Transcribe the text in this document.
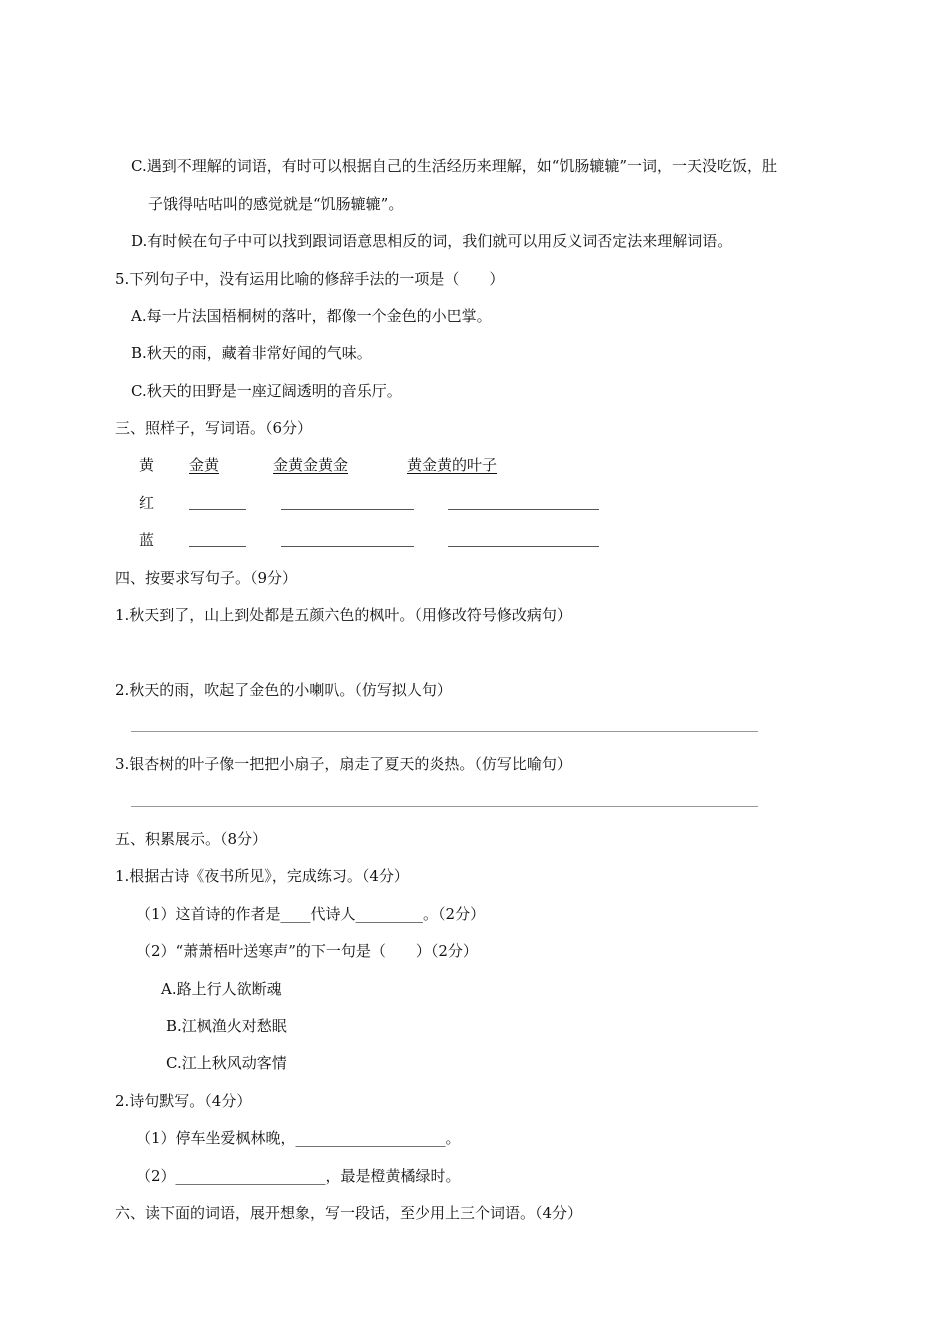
C.遇到不理解的词语，有时可以根据自己的生活经历来理解，如“饥肠辘辘”一词，一天没吃饭，肚
子饿得咕咕叫的感觉就是“饥肠辘辘”。
D.有时候在句子中可以找到跟词语意思相反的词，我们就可以用反义词否定法来理解词语。
5.下列句子中，没有运用比喻的修辞手法的一项是（　　）
A.每一片法国梧桐树的落叶，都像一个金色的小巴掌。
B.秋天的雨，藏着非常好闻的气味。
C.秋天的田野是一座辽阔透明的音乐厅。
三、照样子，写词语。（6分）
黄 金黄	金黄金黄金	黄金黄的叶子
红
蓝
四、按要求写句子。（9分）
1.秋天到了，山上到处都是五颜六色的枫叶。（用修改符号修改病句）
2.秋天的雨，吹起了金色的小喇叭。（仿写拟人句）
3.银杏树的叶子像一把把小扇子，扇走了夏天的炎热。（仿写比喻句）
五、积累展示。（8分）
1.根据古诗《夜书所见》，完成练习。（4分）
（1）这首诗的作者是____代诗人_________。（2分）
（2）“萧萧梧叶送寒声”的下一句是（　　）（2分）
A.路上行人欲断魂
B.江枫渔火对愁眠
C.江上秋风动客情
2.诗句默写。（4分）
（1）停车坐爱枫林晚，____________________。
（2）____________________，最是橙黄橘绿时。
六、读下面的词语，展开想象，写一段话，至少用上三个词语。（4分）
